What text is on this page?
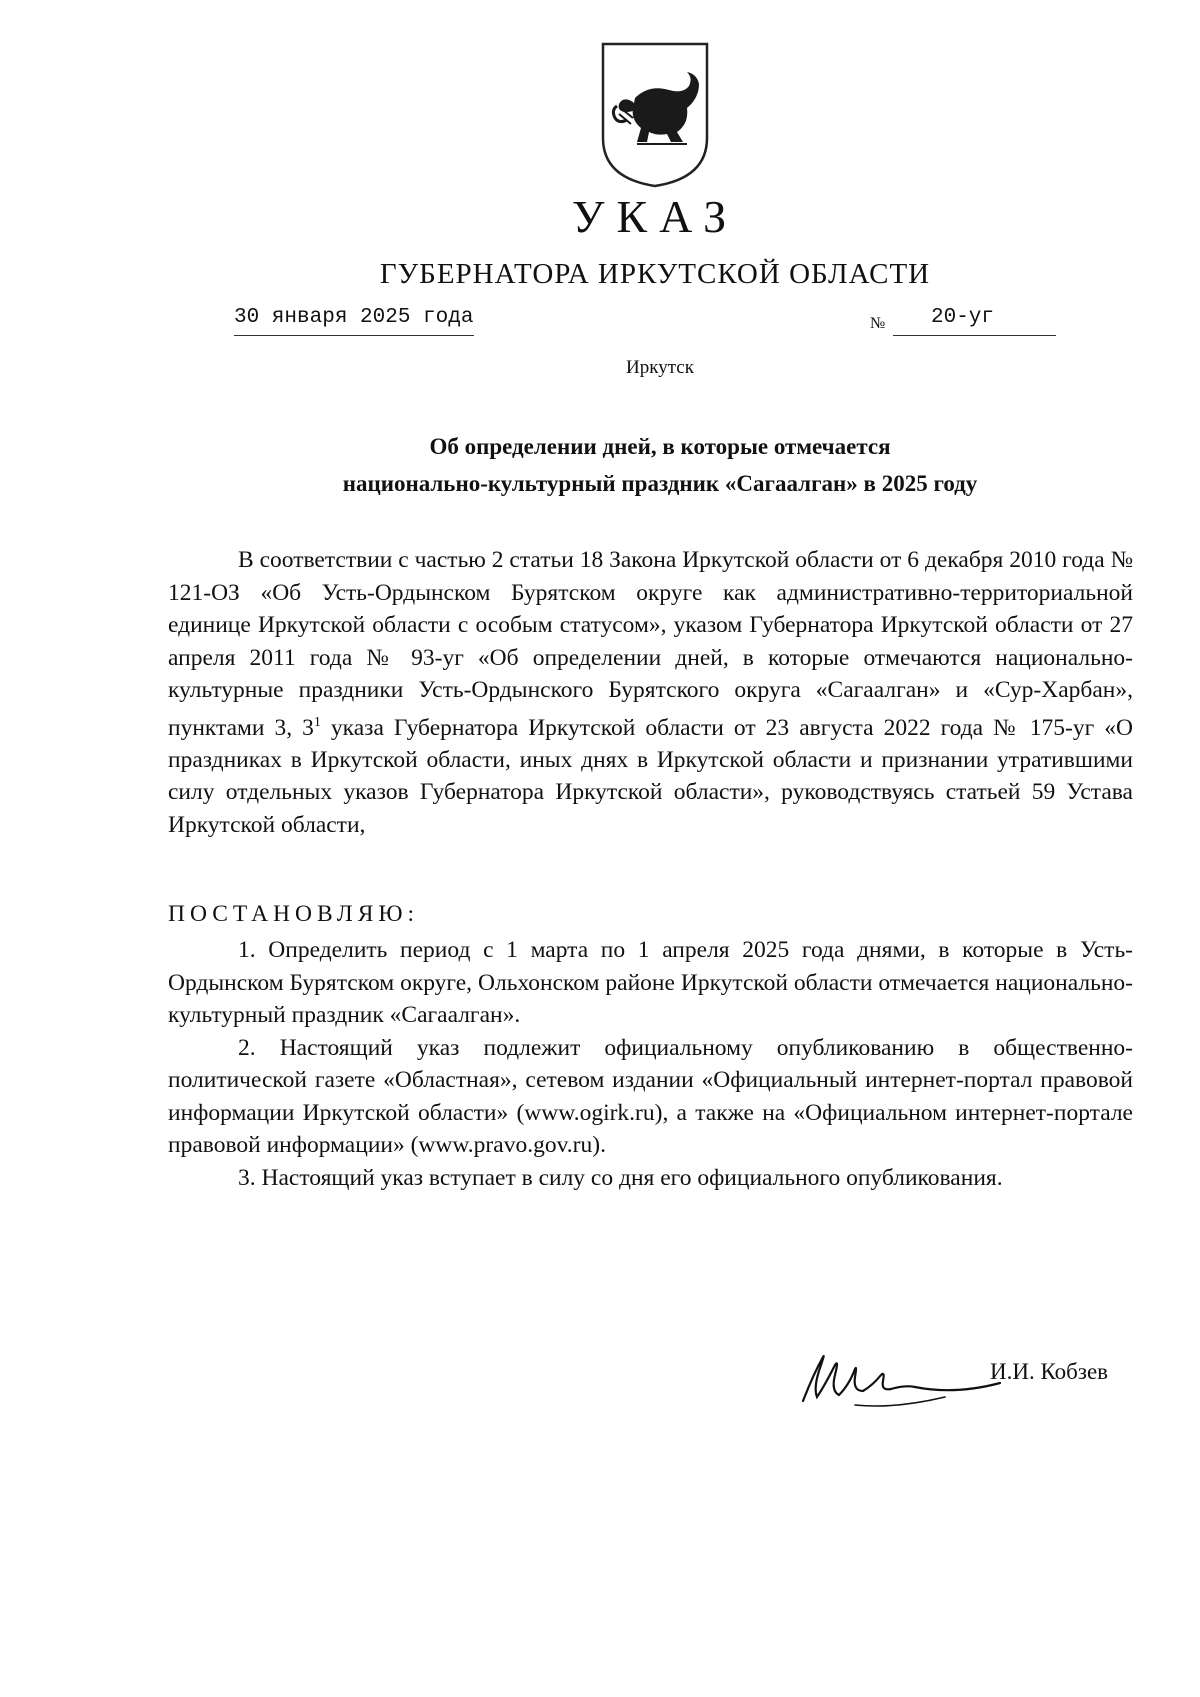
УКАЗ
ГУБЕРНАТОРА ИРКУТСКОЙ ОБЛАСТИ
30 января 2025 года	№	20-уг
Иркутск
Об определении дней, в которые отмечается
национально-культурный праздник «Сагаалган» в 2025 году

В соответствии с частью 2 статьи 18 Закона Иркутской области от 6 декабря 2010 года № 121-ОЗ «Об Усть-Ордынском Бурятском округе как административно-территориальной единице Иркутской области с особым статусом», указом Губернатора Иркутской области от 27 апреля 2011 года № 93-уг «Об определении дней, в которые отмечаются национально-культурные праздники Усть-Ордынского Бурятского округа «Сагаалган» и «Сур-Харбан», пунктами 3, $3^1$ указа Губернатора Иркутской области от 23 августа 2022 года № 175-уг «О праздниках в Иркутской области, иных днях в Иркутской области и признании утратившими силу отдельных указов Губернатора Иркутской области», руководствуясь статьей 59 Устава Иркутской области,

ПОСТАНОВЛЯЮ:

1. Определить период с 1 марта по 1 апреля 2025 года днями, в которые в Усть-Ордынском Бурятском округе, Ольхонском районе Иркутской области отмечается национально-культурный праздник «Сагаалган».

2. Настоящий указ подлежит официальному опубликованию в общественно-политической газете «Областная», сетевом издании «Официальный интернет-портал правовой информации Иркутской области» (www.ogirk.ru), а также на «Официальном интернет-портале правовой информации» (www.pravo.gov.ru).

3. Настоящий указ вступает в силу со дня его официального опубликования.

И.И. Кобзев
